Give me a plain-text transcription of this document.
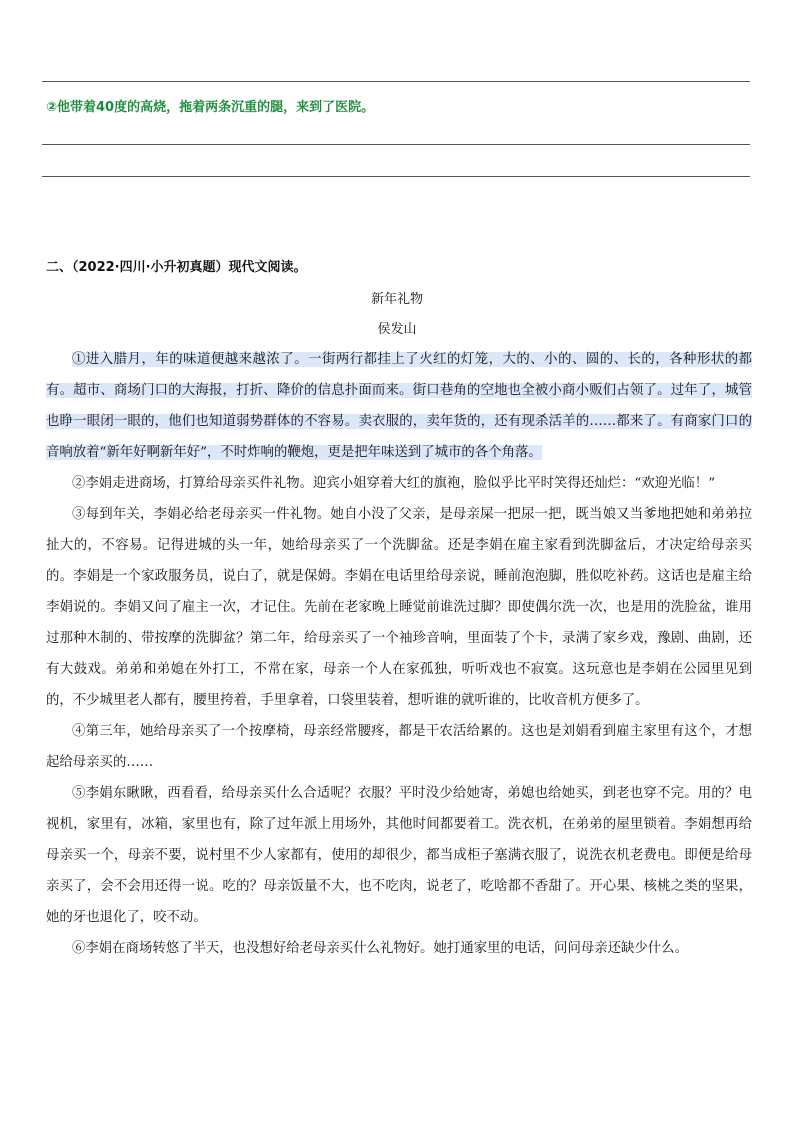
②他带着40度的高烧，拖着两条沉重的腿，来到了医院。
二、（2022·四川·小升初真题）现代文阅读。
新年礼物
侯发山

①进入腊月，年的味道便越来越浓了。一街两行都挂上了火红的灯笼，大的、小的、圆的、长的，各种形状的都有。超市、商场门口的大海报，打折、降价的信息扑面而来。街口巷角的空地也全被小商小贩们占领了。过年了，城管也睁一眼闭一眼的，他们也知道弱势群体的不容易。卖衣服的，卖年货的，还有现杀活羊的……都来了。有商家门口的音响放着“新年好啊新年好”，不时炸响的鞭炮，更是把年味送到了城市的各个角落。

②李娟走进商场，打算给母亲买件礼物。迎宾小姐穿着大红的旗袍，脸似乎比平时笑得还灿烂：“欢迎光临！”

③每到年关，李娟必给老母亲买一件礼物。她自小没了父亲，是母亲屎一把尿一把，既当娘又当爹地把她和弟弟拉扯大的，不容易。记得进城的头一年，她给母亲买了一个洗脚盆。还是李娟在雇主家看到洗脚盆后，才决定给母亲买的。李娟是一个家政服务员，说白了，就是保姆。李娟在电话里给母亲说，睡前泡泡脚，胜似吃补药。这话也是雇主给李娟说的。李娟又问了雇主一次，才记住。先前在老家晚上睡觉前谁洗过脚？即使偶尔洗一次，也是用的洗脸盆，谁用过那种木制的、带按摩的洗脚盆？第二年，给母亲买了一个袖珍音响，里面装了个卡，录满了家乡戏，豫剧、曲剧，还有大鼓戏。弟弟和弟媳在外打工，不常在家，母亲一个人在家孤独，听听戏也不寂寞。这玩意也是李娟在公园里见到的，不少城里老人都有，腰里挎着，手里拿着，口袋里装着，想听谁的就听谁的，比收音机方便多了。

④第三年，她给母亲买了一个按摩椅，母亲经常腰疼，都是干农活给累的。这也是刘娟看到雇主家里有这个，才想起给母亲买的……

⑤李娟东瞅瞅，西看看，给母亲买什么合适呢？衣服？平时没少给她寄，弟媳也给她买，到老也穿不完。用的？电视机，家里有，冰箱，家里也有，除了过年派上用场外，其他时间都要着工。洗衣机，在弟弟的屋里锁着。李娟想再给母亲买一个，母亲不要，说村里不少人家都有，使用的却很少，都当成柜子塞满衣服了，说洗衣机老费电。即便是给母亲买了，会不会用还得一说。吃的？母亲饭量不大，也不吃肉，说老了，吃啥都不香甜了。开心果、核桃之类的坚果，她的牙也退化了，咬不动。

⑥李娟在商场转悠了半天，也没想好给老母亲买什么礼物好。她打通家里的电话，问问母亲还缺少什么。
